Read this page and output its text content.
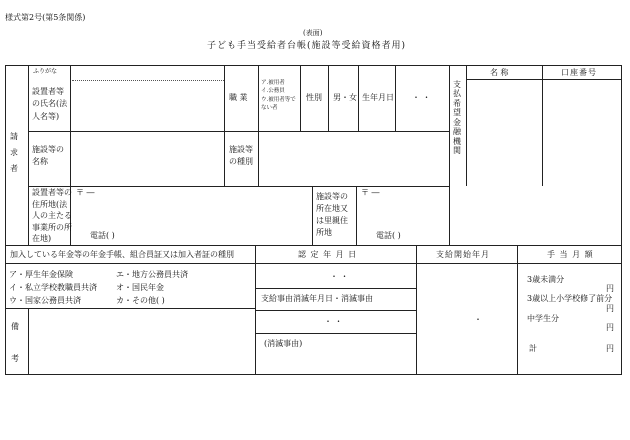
様式第2号(第5条関係)
(表面)
子ども手当受給者台帳(施設等受給資格者用)
請
求
者
ふりがな
設置者等
の氏名(法
人名等)
職 業
ア.被用者
イ.公務員
ウ.被用者等で
ない者
性別 男・女 生年月日 ・ ・
施設等の
名称
施設等
の種別
設置者等の
住所地(法
人の主たる
事業所の所
在地)
〒 ―
電話( )
施設等の
所在地又
は里親住
所地
〒 ―
電話( )
支
払
希
望
金
融
機
関
名 称	口座番号
加入している年金等の年金手帳、組合員証又は加入者証の種別
ア・厚生年金保険
イ・私立学校教職員共済
ウ・国家公務員共済
エ・地方公務員共済
オ・国民年金
カ・その他( )
備
考
認 定 年 月 日
・ ・
支給事由消滅年月日・消滅事由
・ ・
(消滅事由)
支給開始年月
・
手 当 月 額
3歳未満分
円
3歳以上小学校修了前分
円
中学生分
円
計	円
